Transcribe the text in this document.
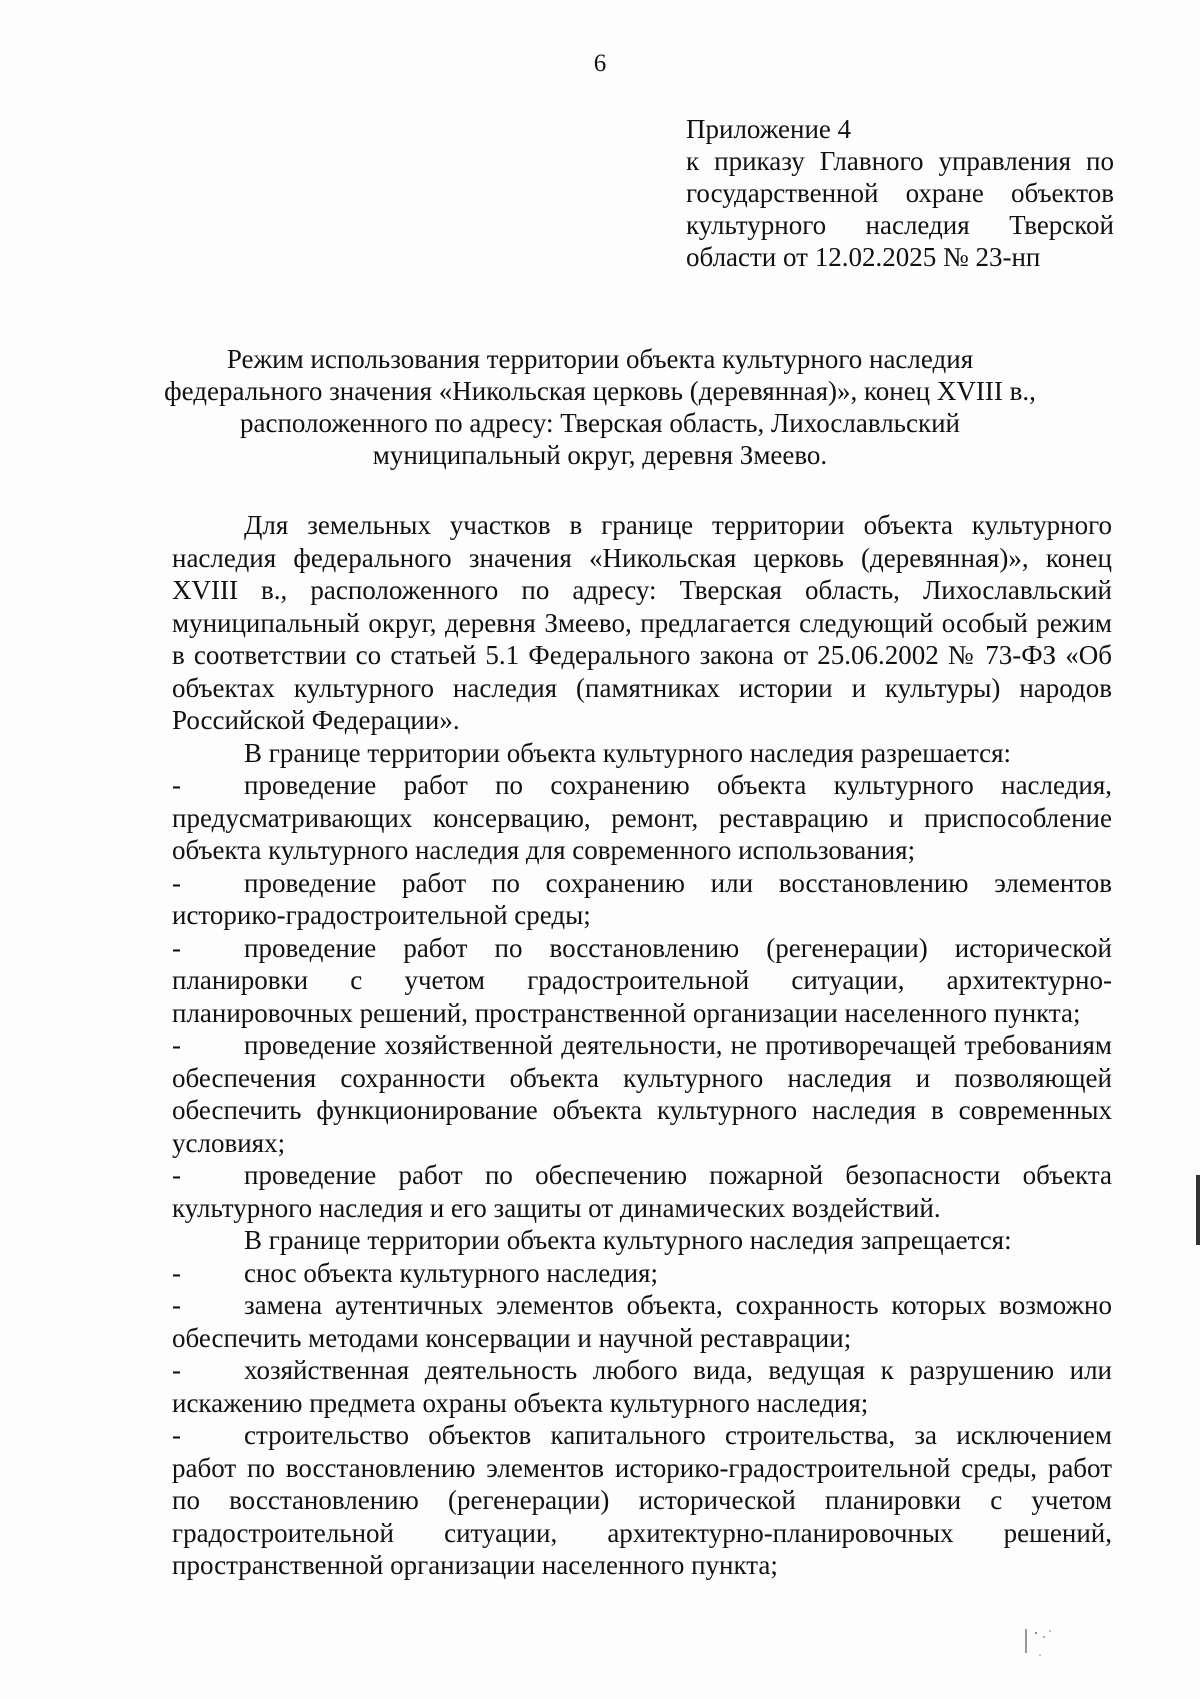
6
Приложение 4
к приказу Главного управления по государственной охране объектов культурного наследия Тверской области от 12.02.2025 № 23-нп
Режим использования территории объекта культурного наследия
федерального значения «Никольская церковь (деревянная)», конец XVIII в.,
расположенного по адресу: Тверская область, Лихославльский
муниципальный округ, деревня Змеево.

Для земельных участков в границе территории объекта культурного наследия федерального значения «Никольская церковь (деревянная)», конец XVIII в., расположенного по адресу: Тверская область, Лихославльский муниципальный округ, деревня Змеево, предлагается следующий особый режим в соответствии со статьей 5.1 Федерального закона от 25.06.2002 № 73-ФЗ «Об объектах культурного наследия (памятниках истории и культуры) народов Российской Федерации».

В границе территории объекта культурного наследия разрешается:

-	проведение работ по сохранению объекта культурного наследия, предусматривающих консервацию, ремонт, реставрацию и приспособление объекта культурного наследия для современного использования;

-	проведение работ по сохранению или восстановлению элементов историко-градостроительной среды;

-	проведение работ по восстановлению (регенерации) исторической планировки с учетом градостроительной ситуации, архитектурно-планировочных решений, пространственной организации населенного пункта;

-	проведение хозяйственной деятельности, не противоречащей требованиям обеспечения сохранности объекта культурного наследия и позволяющей обеспечить функционирование объекта культурного наследия в современных условиях;

-	проведение работ по обеспечению пожарной безопасности объекта культурного наследия и его защиты от динамических воздействий.

В границе территории объекта культурного наследия запрещается:

-	снос объекта культурного наследия;

-	замена аутентичных элементов объекта, сохранность которых возможно обеспечить методами консервации и научной реставрации;

-	хозяйственная деятельность любого вида, ведущая к разрушению или искажению предмета охраны объекта культурного наследия;

-	строительство объектов капитального строительства, за исключением работ по восстановлению элементов историко-градостроительной среды, работ по восстановлению (регенерации) исторической планировки с учетом градостроительной ситуации, архитектурно-планировочных решений, пространственной организации населенного пункта;
